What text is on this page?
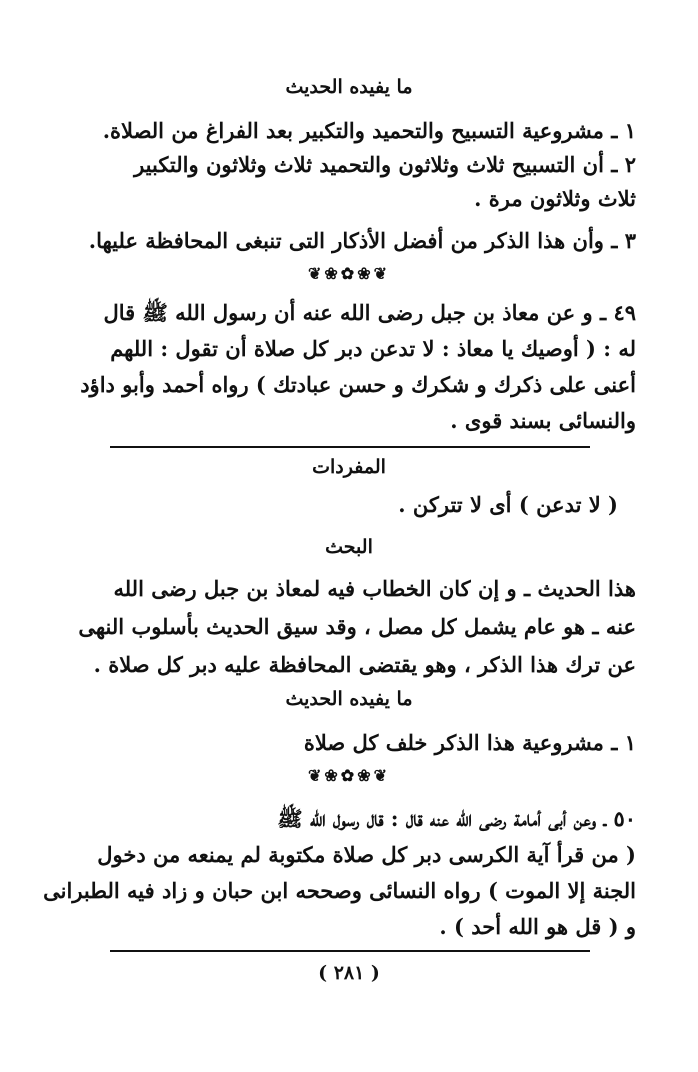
ما يفيده الحديث
١ ـ مشروعية التسبيح والتحميد والتكبير بعد الفراغ من الصلاة.
٢ ـ أن التسبيح ثلاث وثلاثون والتحميد ثلاث وثلاثون والتكبير
ثلاث وثلاثون مرة .
٣ ـ وأن هذا الذكر من أفضل الأذكار التى تنبغى المحافظة عليها.
❦❀✿❀❦
٤٩ ـ و عن معاذ بن جبل رضى الله عنه أن رسول الله ﷺ قال
له : ( أوصيك يا معاذ : لا تدعن دبر كل صلاة أن تقول : اللهم
أعنى على ذكرك و شكرك و حسن عبادتك ) رواه أحمد وأبو داؤد
والنسائى بسند قوى .
المفردات
( لا تدعن ) أى لا تتركن .
البحث
هذا الحديث ـ و إن كان الخطاب فيه لمعاذ بن جبل رضى الله
عنه ـ هو عام يشمل كل مصل ، وقد سيق الحديث بأسلوب النهى
عن ترك هذا الذكر ، وهو يقتضى المحافظة عليه دبر كل صلاة .
ما يفيده الحديث
١ ـ مشروعية هذا الذكر خلف كل صلاة
❦❀✿❀❦
٥٠ ـ وعن أبى أمامة رضى الله عنه قال : قال رسول الله ﷺ
( من قرأ آية الكرسى دبر كل صلاة مكتوبة لم يمنعه من دخول
الجنة إلا الموت ) رواه النسائى وصححه ابن حبان و زاد فيه الطبرانى
و ( قل هو الله أحد ) .
( ٢٨١ )
